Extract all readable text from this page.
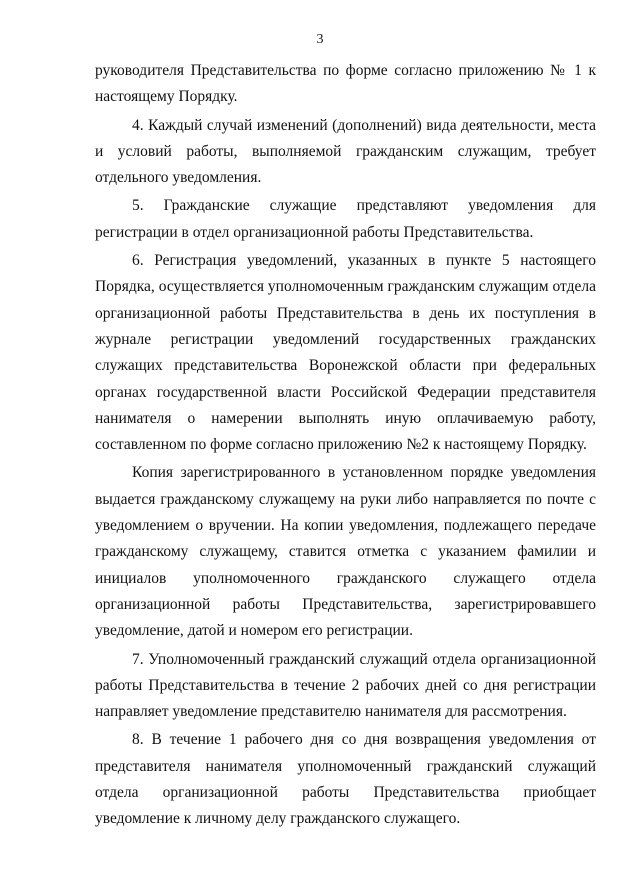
3

руководителя Представительства по форме согласно приложению № 1 к настоящему Порядку.

4. Каждый случай изменений (дополнений) вида деятельности, места и условий работы, выполняемой гражданским служащим, требует отдельного уведомления.

5. Гражданские служащие представляют уведомления для регистрации в отдел организационной работы Представительства.

6. Регистрация уведомлений, указанных в пункте 5 настоящего Порядка, осуществляется уполномоченным гражданским служащим отдела организационной работы Представительства в день их поступления в журнале регистрации уведомлений государственных гражданских служащих представительства Воронежской области при федеральных органах государственной власти Российской Федерации представителя нанимателя о намерении выполнять иную оплачиваемую работу, составленном по форме согласно приложению №2 к настоящему Порядку.

Копия зарегистрированного в установленном порядке уведомления выдается гражданскому служащему на руки либо направляется по почте с уведомлением о вручении. На копии уведомления, подлежащего передаче гражданскому служащему, ставится отметка с указанием фамилии и инициалов уполномоченного гражданского служащего отдела организационной работы Представительства, зарегистрировавшего уведомление, датой и номером его регистрации.

7. Уполномоченный гражданский служащий отдела организационной работы Представительства в течение 2 рабочих дней со дня регистрации направляет уведомление представителю нанимателя для рассмотрения.

8. В течение 1 рабочего дня со дня возвращения уведомления от представителя нанимателя уполномоченный гражданский служащий отдела организационной работы Представительства приобщает уведомление к личному делу гражданского служащего.
